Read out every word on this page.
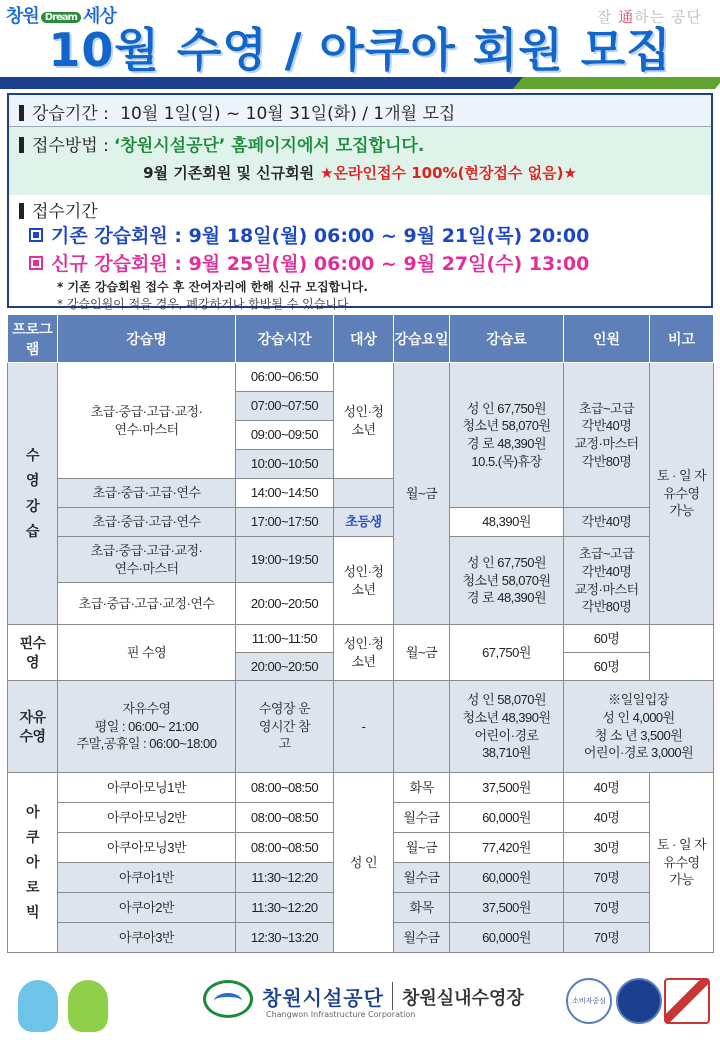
창원 Dream 세상	잘 通하는 공단
10월 수영 / 아쿠아 회원 모집
강습기간 : 10월 1일(일) ~ 10월 31일(화) / 1개월 모집
접수방법 : ‘창원시설공단’ 홈페이지에서 모집합니다.
9월 기존회원 및 신규회원 ★온라인접수 100%(현장접수 없음)★
접수기간
기존 강습회원 : 9월 18일(월) 06:00 ~ 9월 21일(목) 20:00
신규 강습회원 : 9월 25일(월) 06:00 ~ 9월 27일(수) 13:00
* 기존 강습회원 접수 후 잔여자리에 한해 신규 모집합니다.
* 강습인원이 적을 경우, 폐강하거나 합반될 수 있습니다.
프로그램	강습명	강습시간	대상	강습요일	강습료	인원	비고
수영강습	초급·중급·고급·교정·연수·마스터	06:00~06:50	성인·청소년	월~금	성 인 67,750원
청소년 58,070원
경 로 48,390원
10.5.(목)휴장	초급~고급
각반40명
교정·마스터
각반80명	토 · 일 자유수영 가능
		07:00~07:50					
		09:00~09:50					
		10:00~10:50					
	초급·중급·고급·연수	14:00~14:50	
	초급·중급·고급·연수	17:00~17:50	초등생		48,390원	각반40명	
	초급·중급·고급·교정·연수·마스터	19:00~19:50	성인·청소년		성 인 67,750원
청소년 58,070원
경 로 48,390원	초급~고급
각반40명
교정·마스터
각반80명	

	초급·중급·고급·교정·연수	20:00~20:50					
핀수영	핀 수영	11:00~11:50	성인·청소년	월~금	67,750원	60명	
		20:00~20:50				60명	
자유수영	자유수영
평일 : 06:00~ 21:00
주말,공휴일 : 06:00~18:00	수영장 운영시간 참고	-		성 인 58,070원
청소년 48,390원
어린이·경로
38,710원	※일일입장
성 인 4,000원
청 소 년 3,500원
어린이·경로 3,000원	

아쿠아로빅	아쿠아모닝1반	08:00~08:50	성 인	화목	37,500원	40명	토 · 일 자유수영 가능
	아쿠아모닝2반	08:00~08:50		월수금	60,000원	40명	
	아쿠아모닝3반	08:00~08:50		월~금	77,420원	30명	
	아쿠아1반	11:30~12:20		월수금	60,000원	70명	
	아쿠아2반	11:30~12:20		화목	37,500원	70명	
	아쿠아3반	12:30~13:20		월수금	60,000원	70명	
창원시설공단
Changwon Infrastructure Corporation
창원실내수영장	소비자중심
